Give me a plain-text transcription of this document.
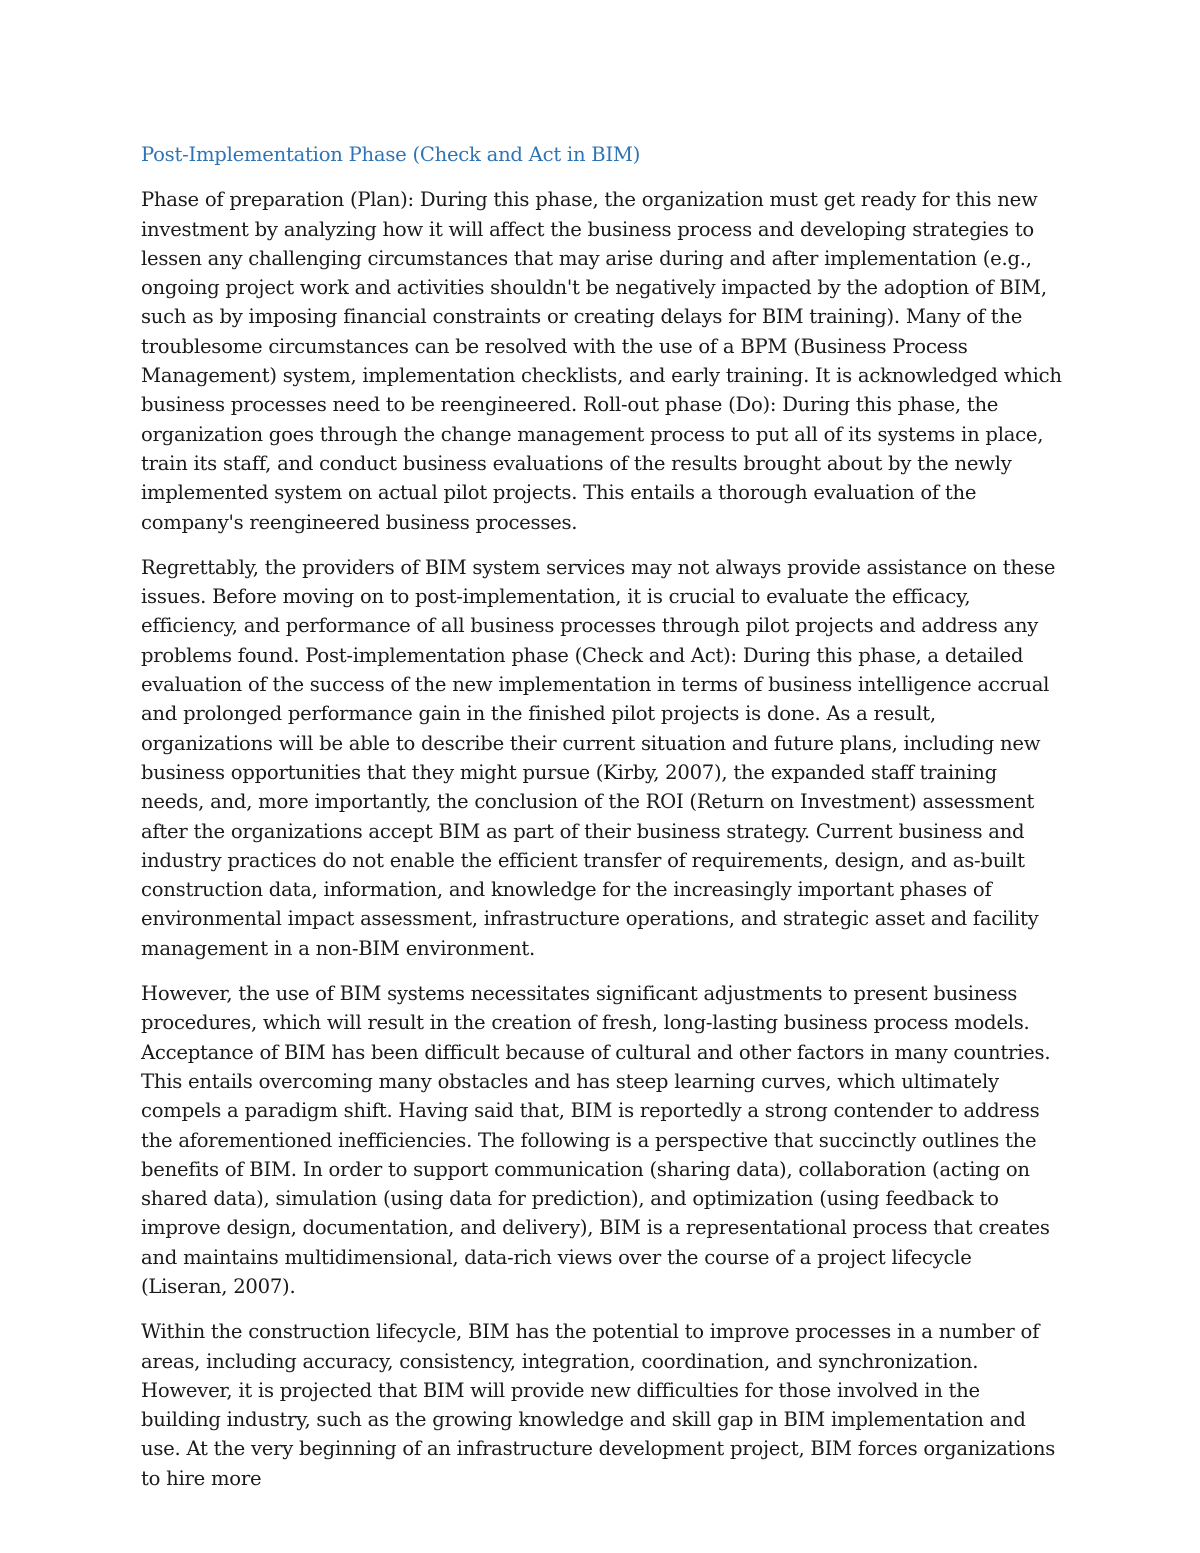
Post-Implementation Phase (Check and Act in BIM)

Phase of preparation (Plan): During this phase, the organization must get ready for this new investment by analyzing how it will affect the business process and developing strategies to lessen any challenging circumstances that may arise during and after implementation (e.g., ongoing project work and activities shouldn't be negatively impacted by the adoption of BIM, such as by imposing financial constraints or creating delays for BIM training). Many of the troublesome circumstances can be resolved with the use of a BPM (Business Process Management) system, implementation checklists, and early training. It is acknowledged which business processes need to be reengineered. Roll-out phase (Do): During this phase, the organization goes through the change management process to put all of its systems in place, train its staff, and conduct business evaluations of the results brought about by the newly implemented system on actual pilot projects. This entails a thorough evaluation of the company's reengineered business processes.

Regrettably, the providers of BIM system services may not always provide assistance on these issues. Before moving on to post-implementation, it is crucial to evaluate the efficacy, efficiency, and performance of all business processes through pilot projects and address any problems found. Post-implementation phase (Check and Act): During this phase, a detailed evaluation of the success of the new implementation in terms of business intelligence accrual and prolonged performance gain in the finished pilot projects is done. As a result, organizations will be able to describe their current situation and future plans, including new business opportunities that they might pursue (Kirby, 2007), the expanded staff training needs, and, more importantly, the conclusion of the ROI (Return on Investment) assessment after the organizations accept BIM as part of their business strategy. Current business and industry practices do not enable the efficient transfer of requirements, design, and as-built construction data, information, and knowledge for the increasingly important phases of environmental impact assessment, infrastructure operations, and strategic asset and facility management in a non-BIM environment.

However, the use of BIM systems necessitates significant adjustments to present business procedures, which will result in the creation of fresh, long-lasting business process models. Acceptance of BIM has been difficult because of cultural and other factors in many countries. This entails overcoming many obstacles and has steep learning curves, which ultimately compels a paradigm shift. Having said that, BIM is reportedly a strong contender to address the aforementioned inefficiencies. The following is a perspective that succinctly outlines the benefits of BIM. In order to support communication (sharing data), collaboration (acting on shared data), simulation (using data for prediction), and optimization (using feedback to improve design, documentation, and delivery), BIM is a representational process that creates and maintains multidimensional, data-rich views over the course of a project lifecycle (Liseran, 2007).

Within the construction lifecycle, BIM has the potential to improve processes in a number of areas, including accuracy, consistency, integration, coordination, and synchronization. However, it is projected that BIM will provide new difficulties for those involved in the building industry, such as the growing knowledge and skill gap in BIM implementation and use. At the very beginning of an infrastructure development project, BIM forces organizations to hire more
